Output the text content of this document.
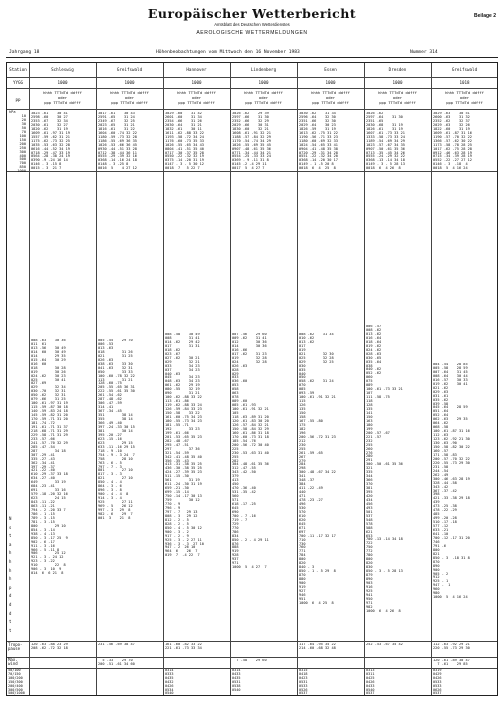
Europäischer Wetterbericht
Amtsblatt des Deutschen Wetterdienstes
AEROLOGISCHE WETTERMELDUNGEN
Beilage 2
Jahrgang 18	Höhenbeobachtungen vom Mittwoch den 16 November 1983	Nummer 314
Station
YYGG
pp
hPa
10
20
30
50
70
100
150
200
250
300
400
500
700
850
1000
N
s
t
a
h
h
h
h
p
d
d
d
t
t
Tropo-
pause
Max.
wind
50/100
70/150
100/200
150/300
200/400
300/500
500/1000
Schleswig
1000
hhhh TTTdTd ddfff
oder
ppp TTTdTd ddfff
Greifswald
1000
hhhh TTTdTd ddfff
oder
ppp TTTdTd ddfff
Hannover
1000
hhhh TTTdTd ddfff
oder
ppp TTTdTd ddfff
Lindenberg
1000
hhhh TTTdTd ddfff
oder
ppp TTTdTd ddfff
Essen
1000
hhhh TTTdTd ddfff
oder
ppp TTTdTd ddfff
Dresden
1000
hhhh TTTdTd ddfff
oder
ppp TTTdTd ddfff
Greifswald
1018
hhhh TTTdTd ddfff
oder
ppp TTTdTd ddfff
3023 -61    30 41
2598 -60    30 27
2353 -67    32 34
2030 -61    32 27
1820 -62    31 19
1609 -61 -97 31 19
1557 -59 -62 31 21
1175 -62 -73 32 25
1035 -53 -63 32 28
0616 -44 -52 34 19
0718 -29 -47 33 19
0564 -28 -38 24 19
0390 -9 -24 16 14
0146 - 3 -15 8
0015 - 3  21 7
008 -63    30 36
011  61
013 -56    30 49
014  60    30 49
014        29 35
015 -64    30 29
016  60
018        30 28
019        30 26
024 -62    30 23
025        30 41
027 -69
029        32 34
030 -70    32 31
050 -62    32 31
079 -66    31 25
100 -61 -97 31 19
115 -59 -87 30 18
140 -59 -83 24 18
145 -59 -82 31 20
170 -59 -71 31 20
181 -74 -72
191 -61 -71 31 37
218 -68 -71 31 29
229 -58 -71 31 29
233 -57 -66
241 -57 -70 32 29
285 -47 -54
287        34 18
307 -29 -41
335 -27 -43
362 -34 -41
397 -29 -37
421 -22 -40
610 -29 -37 33 18
634 -27 -40
649        33 19
684 -23 -41
691        33 16
579 -18 -20 32 16
623        24 15
843 -11 -22
863 -11 -21
794 - 2 -20 33 7
786 - 1 -15
789 - 3 -15
781 - 3 -15
800        29 10
854 - 3 -14
938 - 4 -13
850 - 3 -17 25  9
902 - 6 -17
911 - 3 -16
966 - 5 -11 8
906        25 12
921 - 3 - 24 12
923 - 3 -22
910        22  8
906 - 3  10  9
014  6  6 21  8
120 -63 -88 23 29
208 -62 -72 32 18
3017 -61    30 43
2591 -65    31 24
2349 -67    32 25
2023 -65    31 21
1816 -61    31 22
1604 -60 -74 32 22
1180 -59 -73 32 28
1186 -55 -69 36 35
1026 -53 -66 36 45
0930 -44 -51 33 28
0712 -38 -44 36 11
0555 -29 -39 32 16
0368 -14 -16 24 18
0148 - 3 -25 8
0016  5    4 27 12
005 -55    29 70
006 -53
013 -63
018        31 26
021        31 25
026 -63
038 -63    33 30
041 -63    32 31
050        33 33
100 -60 -78 32 22
113        31 21
128 -60 -75
205 -55 -65 36 31
222 -55 -61 35 30
261 -54 -62
287 -48 -62
306 -47 -59
314 -41
367 -34 -45
351        38 14
355        38 14
366 -49 -40
397 -24 -33 30 15
381        30 14
395 -20 -27
623 -15 -16
623        29 15
633 -11 -16 29 15
718 - 9 -10
754 - 9 - 3 24  7
758        28 10
763 - 6 - 5
797 - 7 - 3
801        27 10
817 - 3 - 3
821        27 10
850 - 4 - 4
864 - 3 - 6
896 - 3 - 8
900 - 4 - 4  8
914 - 3 - 4
925        27 11
969 - 5    26 12
997 - 3   29  8
982 - 6    29  7
001  3    21  8
231 -56 -69 38 47
5 -33    29 70
200 -51 -61 34 60
3029 -60    31 42
2601 -60    31 34
2354 -66    31 26
2030 -64    31 21
1832 -61    30 11
1611 -62 -88 33 22
1193 -58 -72 34 24
1176 -60 -73 35 33
1026 -55 -65 34 43
0804 -41 -51 35 40
0717 -30 -37 35 28
0550 -22 -32 32 19
0375 -14 -20 31 19
0147 - 3 - 5 30 12
0018  7   5 22 7
008 -58    30 49
008        31 41
014 -62    29 42
017        31 31
018 -62
023 -67
027 -62    30 21
029        32 21
033        34 23
037        34 23
040 -63
045        34 23
048 -63    34 23
061 -62    29 19
080 -55    32 19
090        31 21
100 -62 -88 33 22
113 -61 -86
119 -62 -88 33 24
126 -59 -84 33 23
150 -58    33 22
161 -60 -75 34 23
180 -55 -73 34 23
181 -55 -71
192        33 23
199 -61 -66
201 -53 -65 35 23
282 -48 -67
295 -47 -51
297        37 36
321 -54 -59
342 -41 -48 35 40
356 -35 -43
413 -31 -38 35 25
436 -30 -38 35 25
424 -27 -39 35 23
511 -15 -30
561        31 19
611 -24 -30 31 19
659 -21 -30
699 -15 -14
750 -14 -17 30 13
759        30 12
770 - 9
796 - 9
797 - 7   29 13
808 - 3   29 12
812 - 2 - 5
828 - 2 - 5
850 - 4 - 5 30 12
900 - 3 - 2
917 - 2 - 9
925 - 3 - 2 27 11
936 - 3 - 3  27 10
947 - 2  26 10
964  6    26  7
019  7  -4 22  7
161 -60 -82 33 22
221 -61 -73 33 34
0314
0333
0435
0432
0426
0534
0540
3026 -62    29 39
2597 -66    31 30
2352 -66    32 29
2029 -66    30 31
1830 -60    32 21
1608 -61 -91 32 21
1188 -57 -84 32 29
1170 -54 -74 34 29
1026 -55 -69 35 45
0907 -48 -61 35 36
0771 -34 -44 34 21
0554 -25 -33 33 24
0369 - 9 -11 31 8
0145 -2 -4 29 11
0017  5  4 27 7
007 -56    29 60
009 -62    31 41
012        30 36
014        30 36
016 -66
017 -62    31 23
019        32 28
024        32 28
026 -63
028
029
033
036 -60
053
058
063
078
089 -60
085 -61 -93
100 -61 -91 32 21
105
118 -63 -89 31 20
120 -61 -83 30 20
126 -57 -84 32 21
150 -58 -84 32 29
160 -61 -86 31 18
170 -60 -73 31 18
185 -54 -76
200 -56 -72 30 40
225
230 -53 -63 31 40
255
282
304 -48 -61 35 36
312 -47 -55
343 -42 -50
379
413
450
470 -36 -40
531 -35 -42
560
571
618 -17 -25
645
690
700 - 7 -16
719 - 7
729
770
786
834
850 - 2 - 4 29 11
876
888
919
928
937
971
1000  5  4 27  7
7 -58    29 60
0314
0433
0435
0531
0538
0540
3030 -62    31 34
2596 -64    32 30
2351 -66    32 30
2029 -64    30 23
1826 -59    31 19
1613 -62 -75 31 22
1190 -56 -71 33 23
1180 -60 -69 32 33
1024 -54 -65 33 41
0904 -41 -48 35 38
0720 -29 -31 34 28
0551 -22 -32 34 20
0368 -14 -20 30 17
0149 - 1 -5 20 8
0018  6  4  25  8
008 -62    31 34
010 -62
013 -62
017
019
021        32 30
025        32 28
029        32 25
030
035
040
050
058 -62    31 24
070
085
093 -59
100 -61 -91 32 21
115
126
135
150
158
167 -55 -80
175
182
196
200 -56 -72 31 23
212
230
255
261 -59 -65
267
279
284
298
300 -48 -67 34 22
341
348 -37
384
411 -22 -49
440
471
478 -23 -27
496
530
570
610
620
645
671
697
700 -11 -17 32 17
710
730
760
771
784
800
820
840 - 3
850 - 1 - 5 29  8
870
880
900
919
927
946
951
1000  6  4 25  8
117 -64 -95 35 22
214 -60 -68 32 48
0315
0418
0423
0531
0533
0526
0537
3026 -62
2597 -64    31 30
2351 -65
2030 -68    31 19
1826 -61    31 19
1607 -61 -73 33 21
1333 -58 -73 33 24
1189 -54 -69 34 29
1023 -57 -67 34 35
0907 -50 -61 35 36
0713 -35 -45 34 26
0555 -24 -29 32 22
0368 -13 -14 34 18
0149 - 3 - 5 28 13
0018  6  4 26  8
006 -57
008 -62
013 -62
016 -64
018 -64
019 -62
024 -62
028 -63
030 -65
035 -64
038
040 -62
052 -62
060
075
089
100 -61 -73 33 21
107
111 -58 -75
118
128
135
141
150
163
180
199
200 -57 -67
221 -57
232
255
260
276
280
291
300 -50 -61 35 36
321
335
344
366
370
381
395
420
434
456
493
501
537
548
578
588
621
653
700 -13 -14 34 18
722
750
772
780
800
820
830
850 - 3 - 5 28 13
879
890
903
916
925
941
950
971
982
1000  6  4 26  8
252 -53 -67 35 42
0313
0311
0425
0426
0433
0540
0537
3029 -63    30 51
2600 -63    31 32
2352 -62    32 37
2029 -63    32 26
1822 -60    31 19
1609 -61 -87 31 16
1190 -57 -70 32 22
1366 -57 -62 30 22
1173 -58 -78 28 25
1017 -62 -75 28 28
0912 -46 -63 28 19
0715 -34 -39 28 19
0552 -22 -27 27 12
0146 - 3  -18  4
0018  5  4 16 24
004 -54    28 85
005 -58    28 59
007 -64    31 45
008 -64    30 44
016 -57    30 33
019 -62    30 41
021 -62
029 -63
031 -61
035 -62
039 -58
045 -64    28 59
051 -64
052 -64
062 -63    29 35
064 -62
068 -58
100 -61 -87 31 16
112 -63
123 -62 -92 21 30
130 -63 -90
150 -58 -82 30 22
160 -57
171 -58 -83
200 -57 -70 32 22
220 -55 -73 29 30
231 -58
244 -54
262 -49
300 -46 -63 28 19
328 -44 -58
343 -42
367 -37 -42
398
421 -33 -38 29 18
439
473 -25 -38
478 -22 -29
485
499 -20 -28
510 -17 -18
577 -12
633 -21
641 -10
700 -12 -17 31 20
746
791 -6
800
821
850 - 3  -18 31 8
870
890
900
905 - 2
912
925 - 1
947 -  1
960
980
1000  5  4 16 24
112 -63 -92 29 21
220 -55 -73 29 30
120 -61 -89 30 47
7 -61    29 85
0319
0429
0426
0533
0533
0626
0537
